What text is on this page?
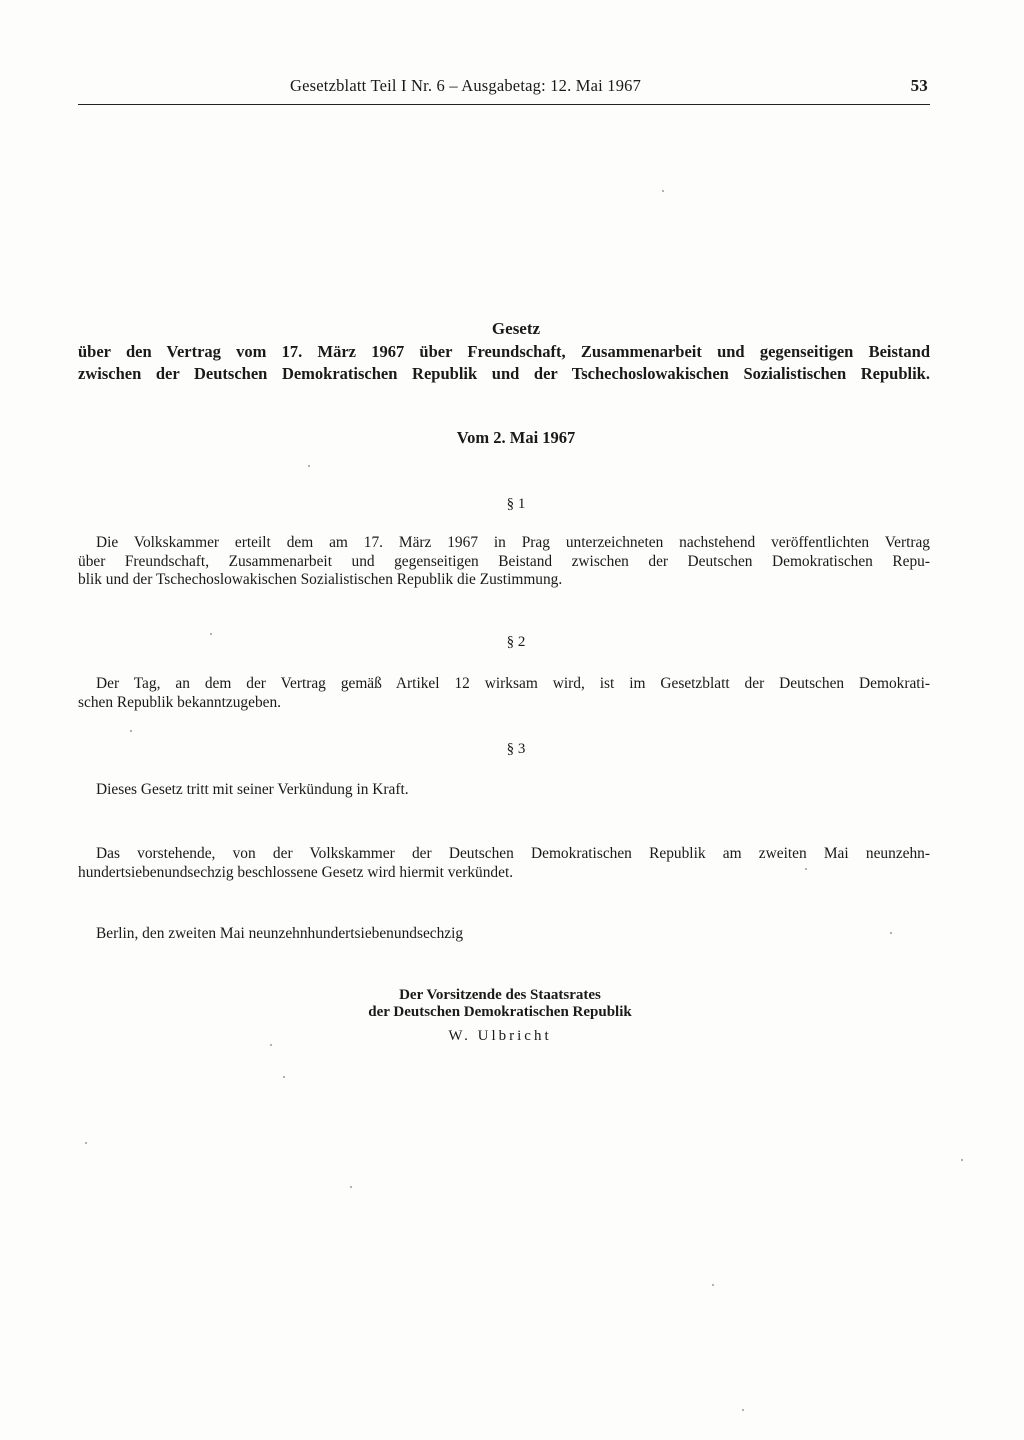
Gesetzblatt Teil I Nr. 6 – Ausgabetag: 12. Mai 1967	53
Gesetz
über den Vertrag vom 17. März 1967 über Freundschaft, Zusammenarbeit und gegenseitigen Beistand
zwischen der Deutschen Demokratischen Republik und der Tschechoslowakischen Sozialistischen Republik.
Vom 2. Mai 1967
§ 1
Die Volkskammer erteilt dem am 17. März 1967 in Prag unterzeichneten nachstehend veröffentlichten Vertrag
über Freundschaft, Zusammenarbeit und gegenseitigen Beistand zwischen der Deutschen Demokratischen Repu-
blik und der Tschechoslowakischen Sozialistischen Republik die Zustimmung.
§ 2
Der Tag, an dem der Vertrag gemäß Artikel 12 wirksam wird, ist im Gesetzblatt der Deutschen Demokrati-
schen Republik bekanntzugeben.
§ 3
Dieses Gesetz tritt mit seiner Verkündung in Kraft.
Das vorstehende, von der Volkskammer der Deutschen Demokratischen Republik am zweiten Mai neunzehn-
hundertsiebenundsechzig beschlossene Gesetz wird hiermit verkündet.
Berlin, den zweiten Mai neunzehnhundertsiebenundsechzig
Der Vorsitzende des Staatsrates
der Deutschen Demokratischen Republik
W. Ulbricht
